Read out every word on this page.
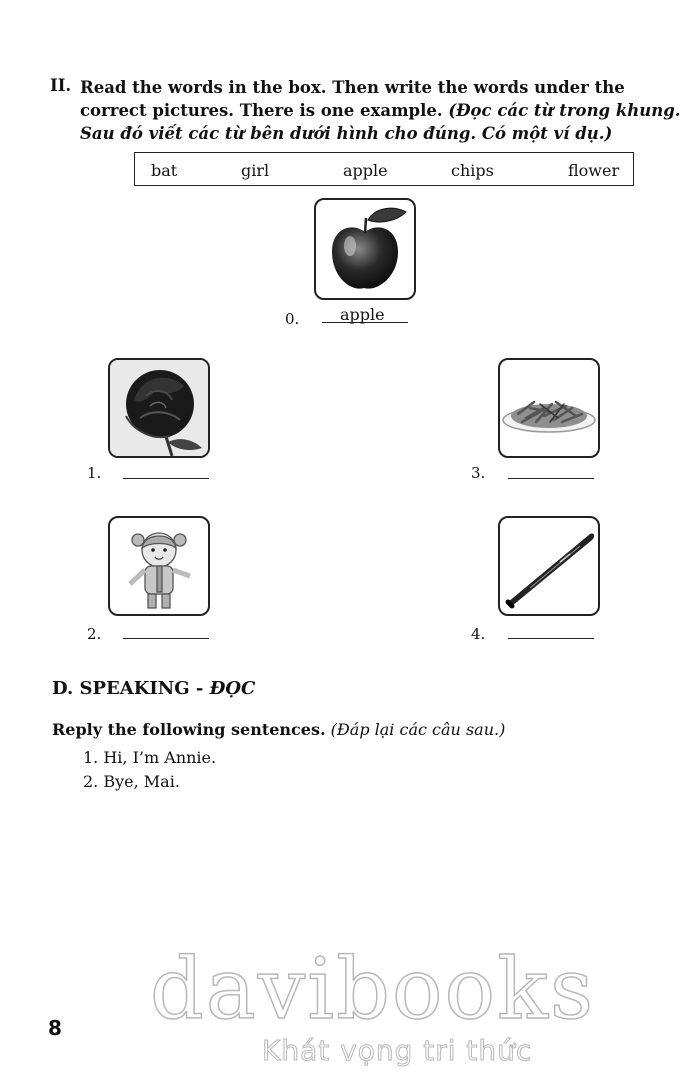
II. Read the words in the box. Then write the words under the correct pictures. There is one example. (Đọc các từ trong khung. Sau đó viết các từ bên dưới hình cho đúng. Có một ví dụ.)
bat	girl	apple	chips	flower
0.	apple
1.	3.
2.	4.
D. SPEAKING - ĐỌC
Reply the following sentences. (Đáp lại các câu sau.)
1. Hi, I’m Annie.
2. Bye, Mai.
8 davibooks
Khát vọng tri thức
